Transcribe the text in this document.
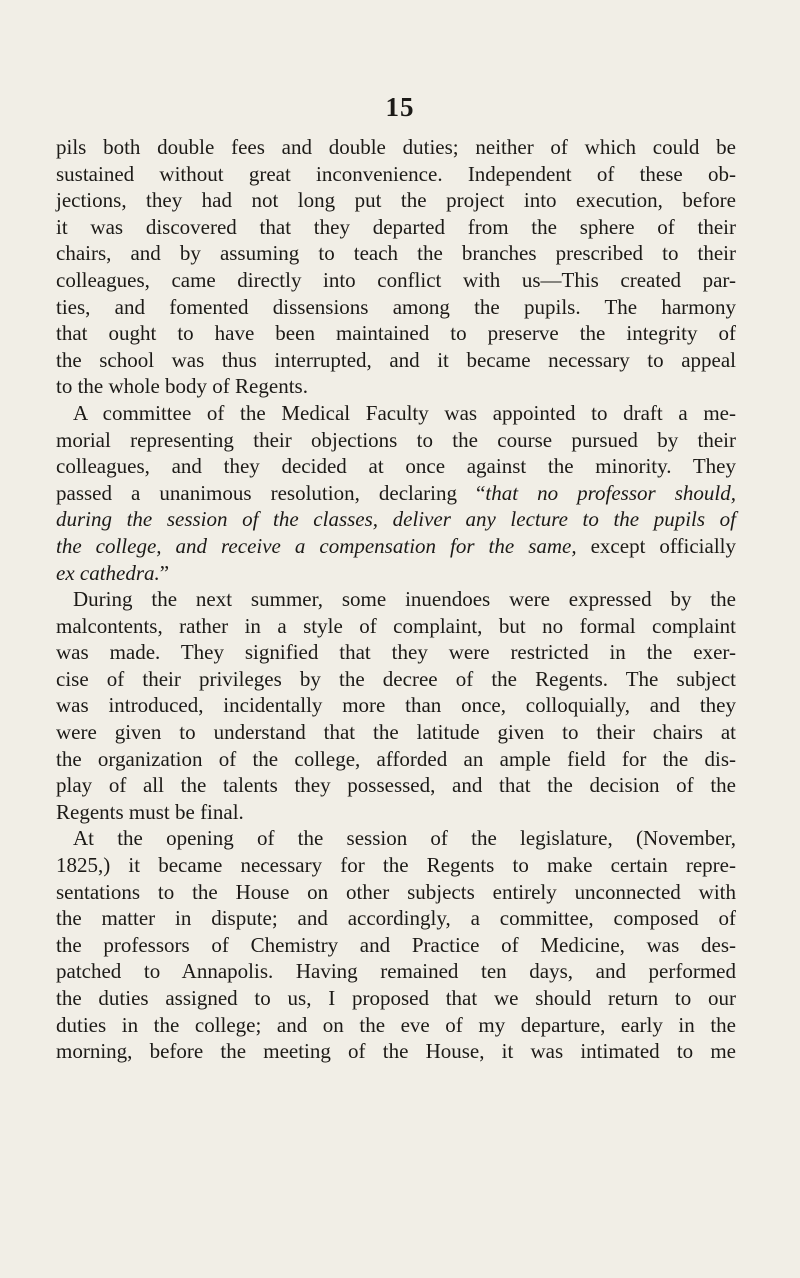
15
pils both double fees and double duties; neither of which could be
sustained without great inconvenience. Independent of these ob-
jections, they had not long put the project into execution, before
it was discovered that they departed from the sphere of their
chairs, and by assuming to teach the branches prescribed to their
colleagues, came directly into conflict with us—This created par-
ties, and fomented dissensions among the pupils. The harmony
that ought to have been maintained to preserve the integrity of
the school was thus interrupted, and it became necessary to appeal
to the whole body of Regents.
A committee of the Medical Faculty was appointed to draft a me-
morial representing their objections to the course pursued by their
colleagues, and they decided at once against the minority. They
passed a unanimous resolution, declaring “that no professor should,
during the session of the classes, deliver any lecture to the pupils of
the college, and receive a compensation for the same, except officially
ex cathedra.”
During the next summer, some inuendoes were expressed by the
malcontents, rather in a style of complaint, but no formal complaint
was made. They signified that they were restricted in the exer-
cise of their privileges by the decree of the Regents. The subject
was introduced, incidentally more than once, colloquially, and they
were given to understand that the latitude given to their chairs at
the organization of the college, afforded an ample field for the dis-
play of all the talents they possessed, and that the decision of the
Regents must be final.
At the opening of the session of the legislature, (November,
1825,) it became necessary for the Regents to make certain repre-
sentations to the House on other subjects entirely unconnected with
the matter in dispute; and accordingly, a committee, composed of
the professors of Chemistry and Practice of Medicine, was des-
patched to Annapolis. Having remained ten days, and performed
the duties assigned to us, I proposed that we should return to our
duties in the college; and on the eve of my departure, early in the
morning, before the meeting of the House, it was intimated to me
